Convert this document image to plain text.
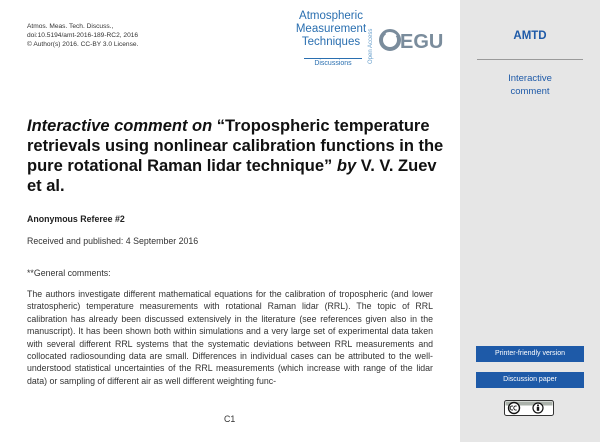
Atmos. Meas. Tech. Discuss.,
doi:10.5194/amt-2016-189-RC2, 2016
© Author(s) 2016. CC-BY 3.0 License.
Atmospheric
Measurement
Techniques
Discussions	Open Access EGU
Interactive comment on “Tropospheric temperature retrievals using nonlinear calibration functions in the pure rotational Raman lidar technique” by V. V. Zuev et al.
Anonymous Referee #2
Received and published: 4 September 2016
**General comments:
The authors investigate different mathematical equations for the calibration of tropospheric (and lower stratospheric) temperature measurements with rotational Raman lidar (RRL). The topic of RRL calibration has already been discussed extensively in the literature (see references given also in the manuscript). It has been shown both within simulations and a very large set of experimental data taken with several different RRL systems that the systematic deviations between RRL measurements and collocated radiosounding data are small. Differences in individual cases can be attributed to the well-understood statistical uncertainties of the RRL measurements (which increase with range of the lidar data) or sampling of different air as well different weighting func-
C1
AMTD
Interactive
comment
Printer-friendly version
Discussion paper
